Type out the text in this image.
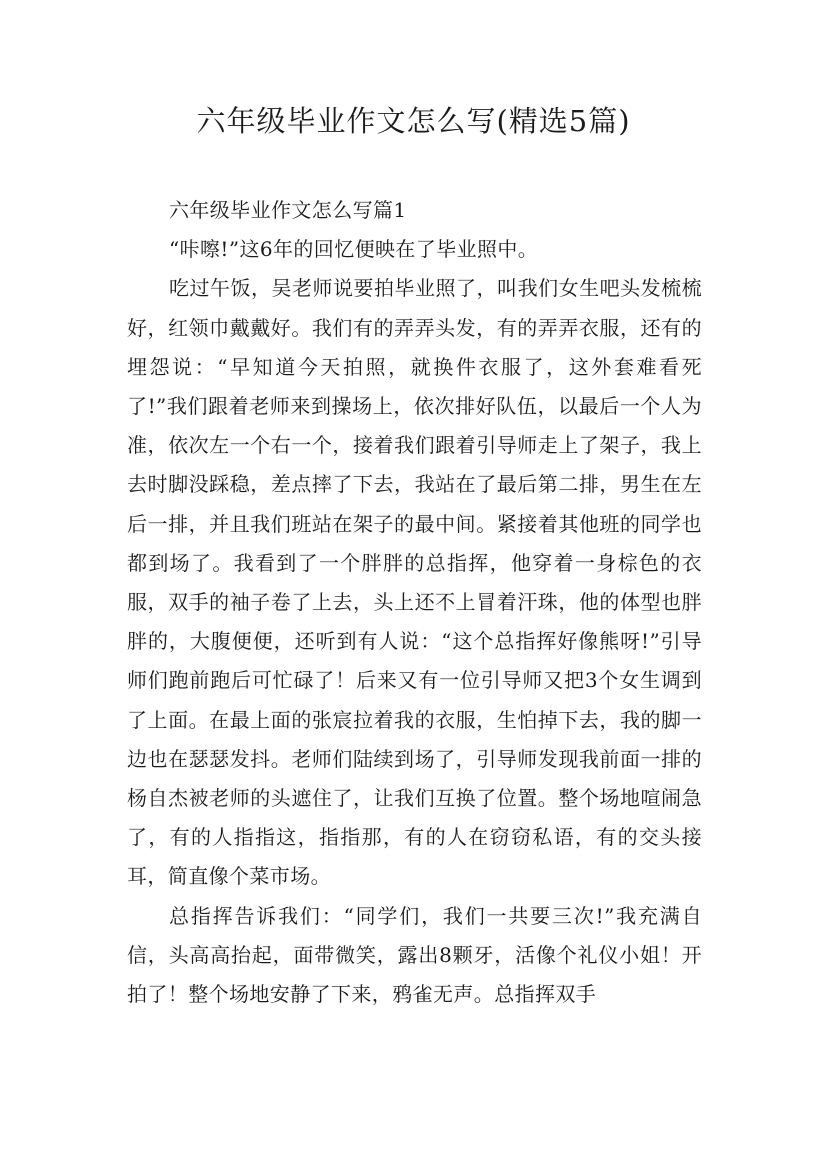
六年级毕业作文怎么写(精选5篇)

六年级毕业作文怎么写篇1

“咔嚓!”这6年的回忆便映在了毕业照中。

吃过午饭，吴老师说要拍毕业照了，叫我们女生吧头发梳梳好，红领巾戴戴好。我们有的弄弄头发，有的弄弄衣服，还有的埋怨说：“早知道今天拍照，就换件衣服了，这外套难看死了!”我们跟着老师来到操场上，依次排好队伍，以最后一个人为准，依次左一个右一个，接着我们跟着引导师走上了架子，我上去时脚没踩稳，差点摔了下去，我站在了最后第二排，男生在左后一排，并且我们班站在架子的最中间。紧接着其他班的同学也都到场了。我看到了一个胖胖的总指挥，他穿着一身棕色的衣服，双手的袖子卷了上去，头上还不上冒着汗珠，他的体型也胖胖的，大腹便便，还听到有人说：“这个总指挥好像熊呀!”引导师们跑前跑后可忙碌了！后来又有一位引导师又把3个女生调到了上面。在最上面的张宸拉着我的衣服，生怕掉下去，我的脚一边也在瑟瑟发抖。老师们陆续到场了，引导师发现我前面一排的杨自杰被老师的头遮住了，让我们互换了位置。整个场地喧闹急了，有的人指指这，指指那，有的人在窃窃私语，有的交头接耳，简直像个菜市场。

总指挥告诉我们：“同学们，我们一共要三次!”我充满自信，头高高抬起，面带微笑，露出8颗牙，活像个礼仪小姐！开拍了！整个场地安静了下来，鸦雀无声。总指挥双手
